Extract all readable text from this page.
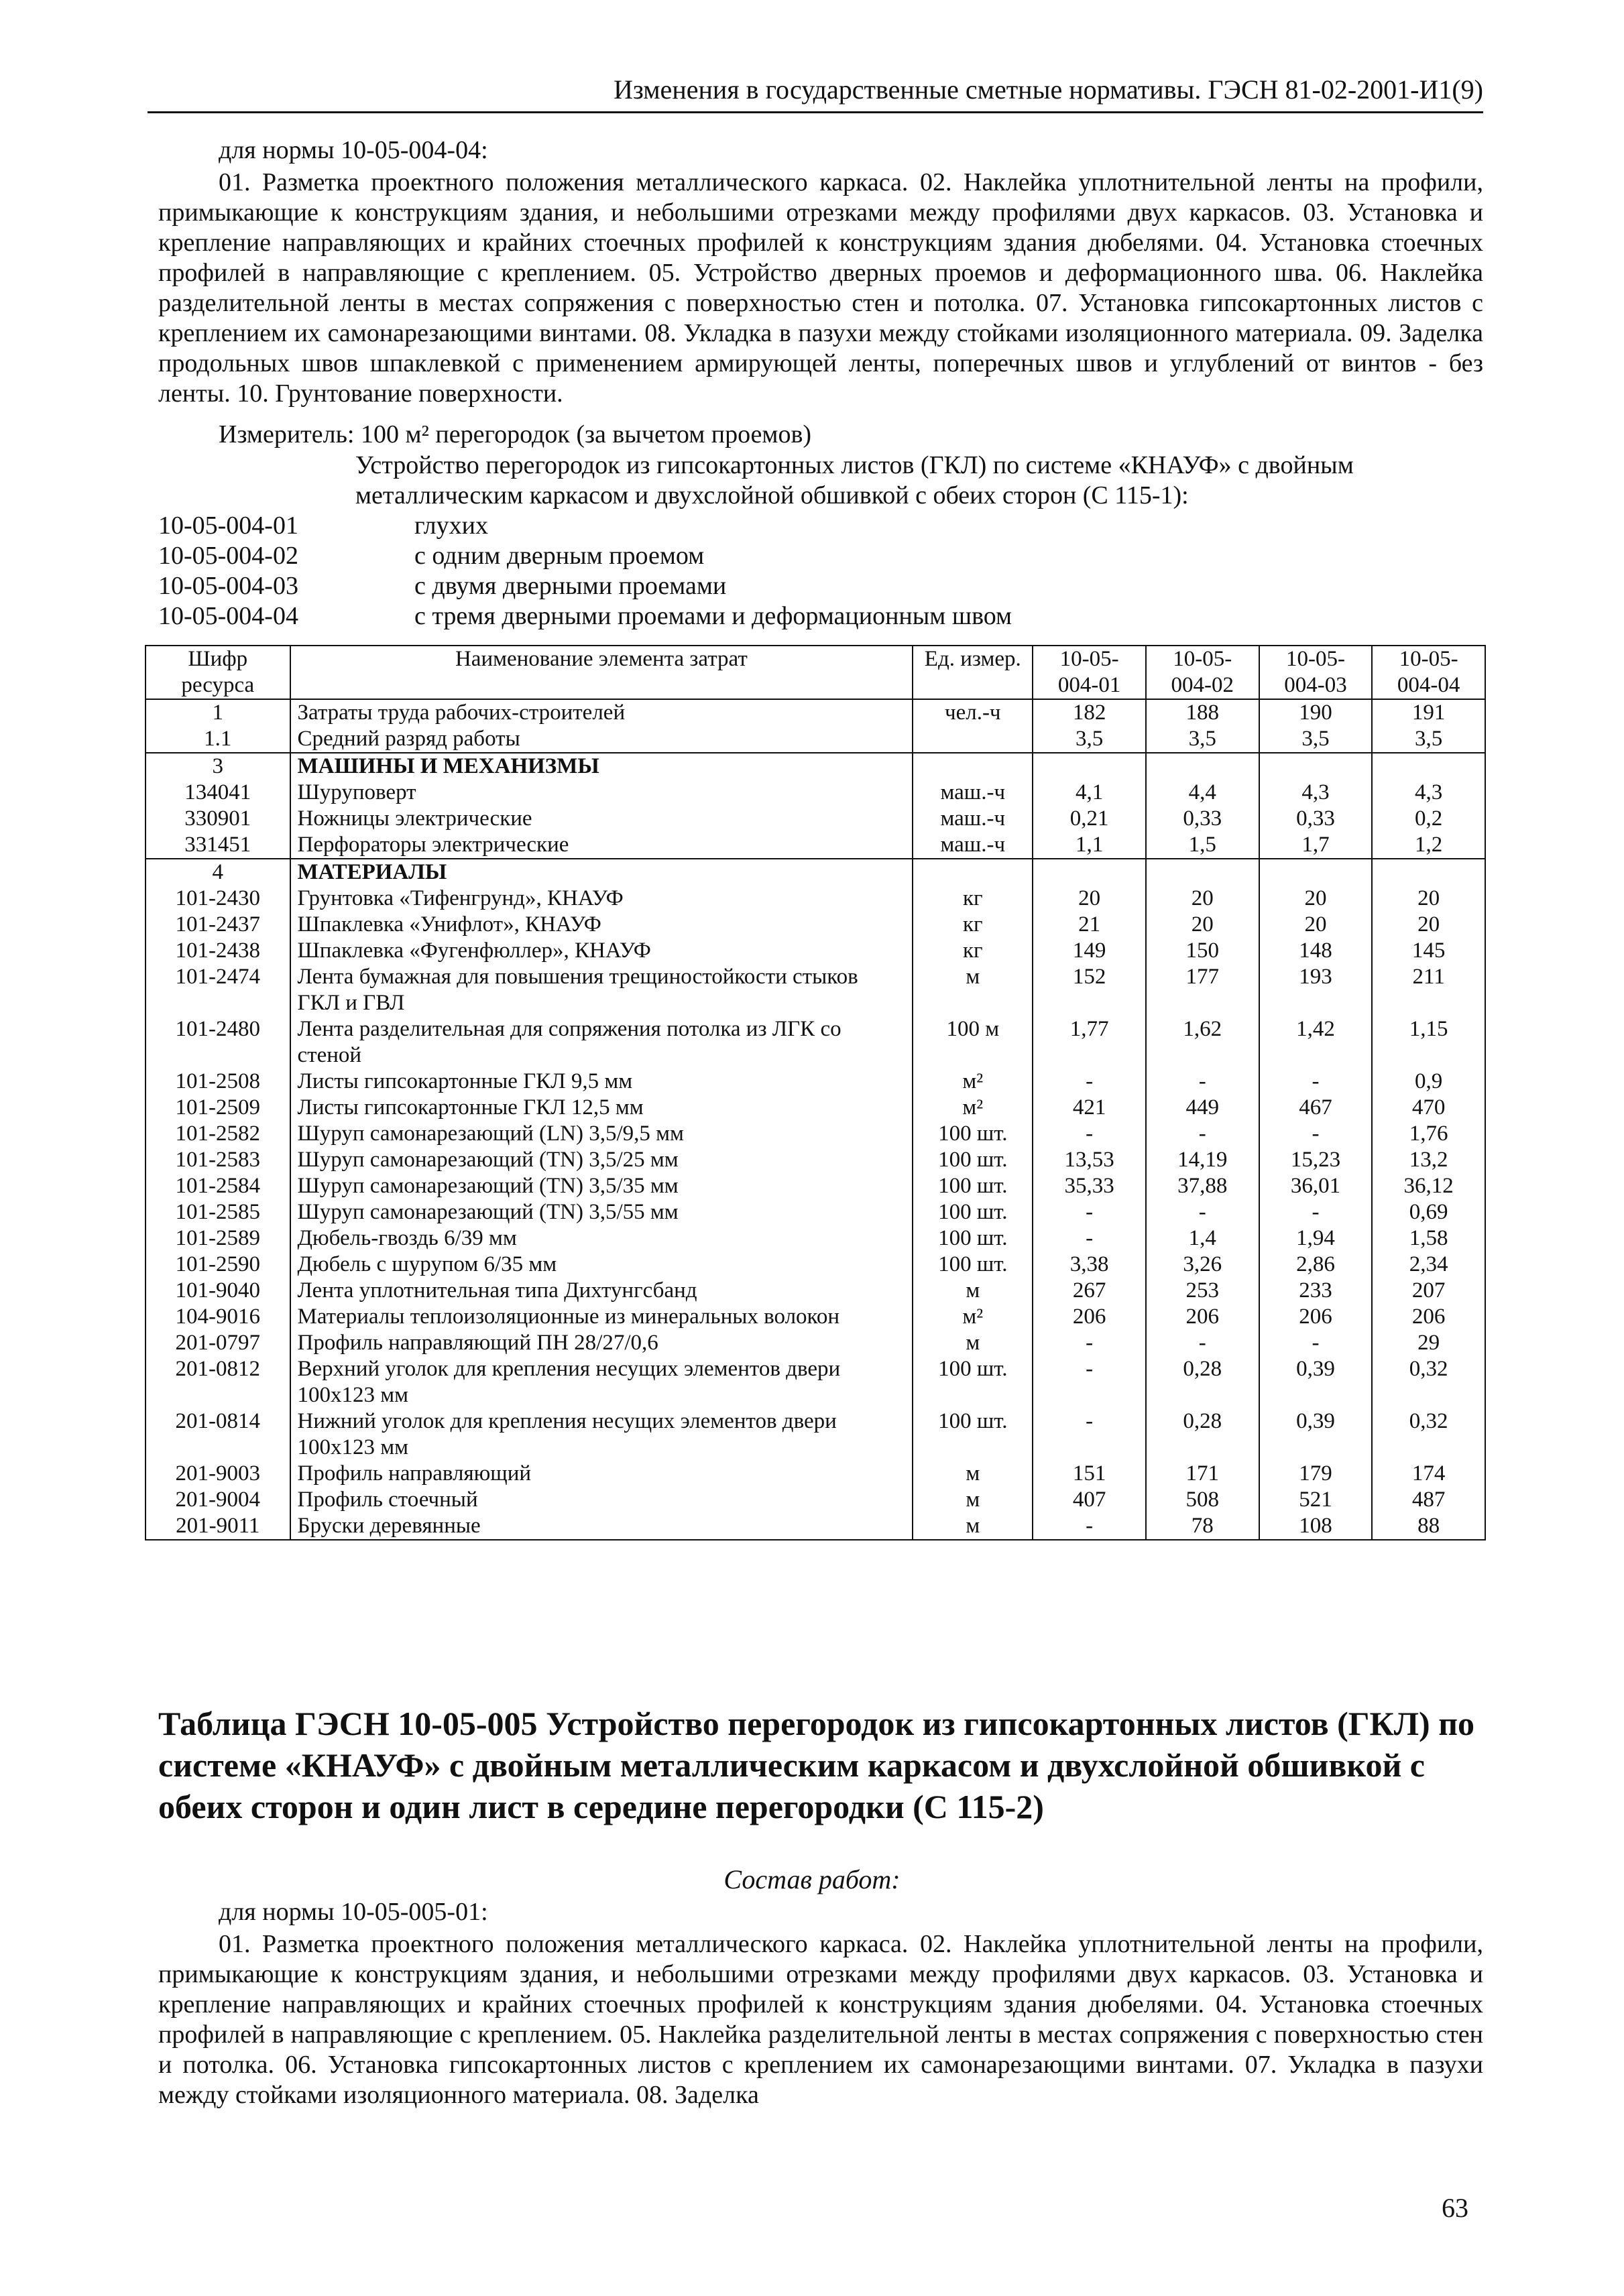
Изменения в государственные сметные нормативы. ГЭСН 81-02-2001-И1(9)
для нормы 10-05-004-04:
01. Разметка проектного положения металлического каркаса. 02. Наклейка уплотнительной ленты на профили, примыкающие к конструкциям здания, и небольшими отрезками между профилями двух каркасов. 03. Установка и крепление направляющих и крайних стоечных профилей к конструкциям здания дюбелями. 04. Установка стоечных профилей в направляющие с креплением. 05. Устройство дверных проемов и деформационного шва. 06. Наклейка разделительной ленты в местах сопряжения с поверхностью стен и потолка. 07. Установка гипсокартонных листов с креплением их самонарезающими винтами. 08. Укладка в пазухи между стойками изоляционного материала. 09. Заделка продольных швов шпаклевкой с применением армирующей ленты, поперечных швов и углублений от винтов - без ленты. 10. Грунтование поверхности.
Измеритель: 100 м² перегородок (за вычетом проемов)
Устройство перегородок из гипсокартонных листов (ГКЛ) по системе «КНАУФ» с двойным
металлическим каркасом и двухслойной обшивкой с обеих сторон (С 115-1):
10-05-004-01	глухих
10-05-004-02	с одним дверным проемом
10-05-004-03	с двумя дверными проемами
10-05-004-04	с тремя дверными проемами и деформационным швом
Шифр ресурса	Наименование элемента затрат	Ед. измер.	10-05-004-01	10-05-004-02	10-05-004-03	10-05-004-04
1	Затраты труда рабочих-строителей	чел.-ч	182	188	190	191
1.1	Средний разряд работы		3,5	3,5	3,5	3,5
3	МАШИНЫ И МЕХАНИЗМЫ					
134041	Шуруповерт	маш.-ч	4,1	4,4	4,3	4,3
330901	Ножницы электрические	маш.-ч	0,21	0,33	0,33	0,2
331451	Перфораторы электрические	маш.-ч	1,1	1,5	1,7	1,2
4	МАТЕРИАЛЫ					
101-2430	Грунтовка «Тифенгрунд», КНАУФ	кг	20	20	20	20
101-2437	Шпаклевка «Унифлот», КНАУФ	кг	21	20	20	20
101-2438	Шпаклевка «Фугенфюллер», КНАУФ	кг	149	150	148	145
101-2474	Лента бумажная для повышения трещиностойкости стыков ГКЛ и ГВЛ	м	152	177	193	211
101-2480	Лента разделительная для сопряжения потолка из ЛГК со стеной	100 м	1,77	1,62	1,42	1,15
101-2508	Листы гипсокартонные ГКЛ 9,5 мм	м²	-	-	-	0,9
101-2509	Листы гипсокартонные ГКЛ 12,5 мм	м²	421	449	467	470
101-2582	Шуруп самонарезающий (LN) 3,5/9,5 мм	100 шт.	-	-	-	1,76
101-2583	Шуруп самонарезающий (TN) 3,5/25 мм	100 шт.	13,53	14,19	15,23	13,2
101-2584	Шуруп самонарезающий (TN) 3,5/35 мм	100 шт.	35,33	37,88	36,01	36,12
101-2585	Шуруп самонарезающий (TN) 3,5/55 мм	100 шт.	-	-	-	0,69
101-2589	Дюбель-гвоздь 6/39 мм	100 шт.	-	1,4	1,94	1,58
101-2590	Дюбель с шурупом 6/35 мм	100 шт.	3,38	3,26	2,86	2,34
101-9040	Лента уплотнительная типа Дихтунгсбанд	м	267	253	233	207
104-9016	Материалы теплоизоляционные из минеральных волокон	м²	206	206	206	206
201-0797	Профиль направляющий ПН 28/27/0,6	м	-	-	-	29
201-0812	Верхний уголок для крепления несущих элементов двери 100х123 мм	100 шт.	-	0,28	0,39	0,32
201-0814	Нижний уголок для крепления несущих элементов двери 100х123 мм	100 шт.	-	0,28	0,39	0,32
201-9003	Профиль направляющий	м	151	171	179	174
201-9004	Профиль стоечный	м	407	508	521	487
201-9011	Бруски деревянные	м	-	78	108	88
Таблица ГЭСН 10-05-005 Устройство перегородок из гипсокартонных листов (ГКЛ) по системе «КНАУФ» с двойным металлическим каркасом и двухслойной обшивкой с обеих сторон и один лист в середине перегородки (С 115-2)
Состав работ:
для нормы 10-05-005-01:
01. Разметка проектного положения металлического каркаса. 02. Наклейка уплотнительной ленты на профили, примыкающие к конструкциям здания, и небольшими отрезками между профилями двух каркасов. 03. Установка и крепление направляющих и крайних стоечных профилей к конструкциям здания дюбелями. 04. Установка стоечных профилей в направляющие с креплением. 05. Наклейка разделительной ленты в местах сопряжения с поверхностью стен и потолка. 06. Установка гипсокартонных листов с креплением их самонарезающими винтами. 07. Укладка в пазухи между стойками изоляционного материала. 08. Заделка
63
